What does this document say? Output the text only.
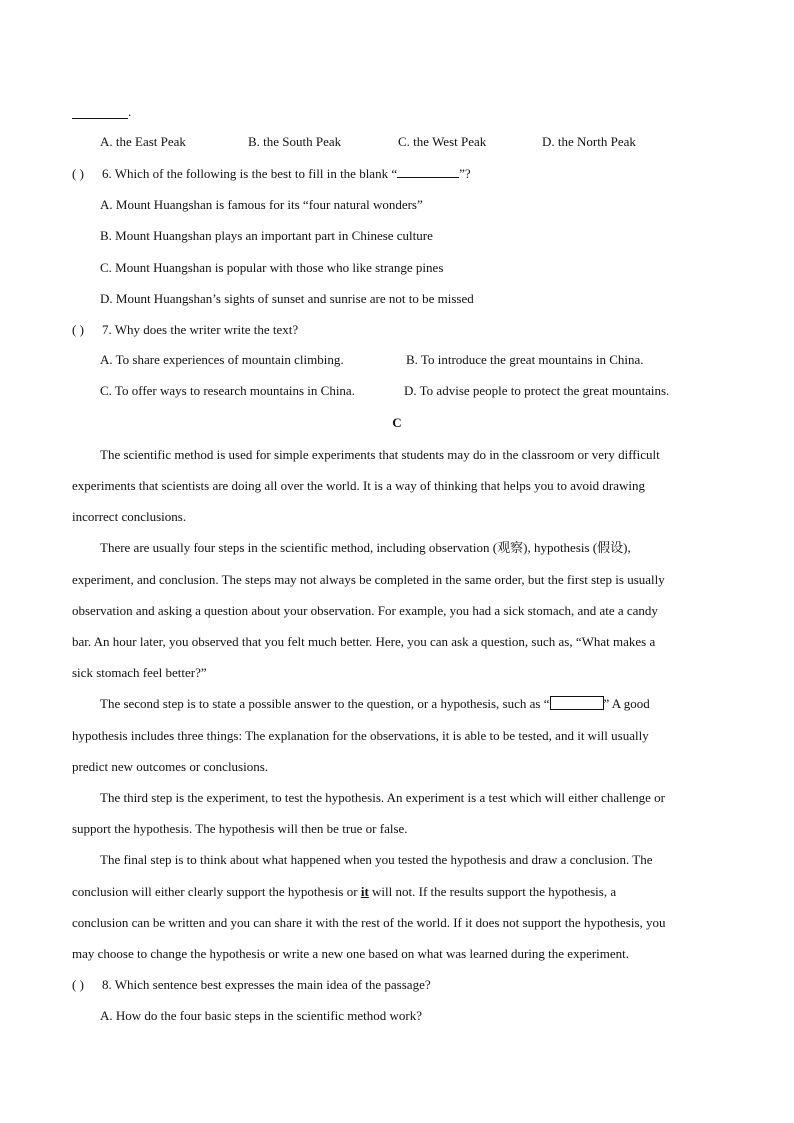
.
A. the East Peak	B. the South Peak	C. the West Peak	D. the North Peak
( ) 6. Which of the following is the best to fill in the blank “	”?
A. Mount Huangshan is famous for its “four natural wonders”
B. Mount Huangshan plays an important part in Chinese culture
C. Mount Huangshan is popular with those who like strange pines
D. Mount Huangshan’s sights of sunset and sunrise are not to be missed
( ) 7. Why does the writer write the text?
A. To share experiences of mountain climbing.	B. To introduce the great mountains in China.
C. To offer ways to research mountains in China.	D. To advise people to protect the great mountains.
C
The scientific method is used for simple experiments that students may do in the classroom or very difficult
experiments that scientists are doing all over the world. It is a way of thinking that helps you to avoid drawing
incorrect conclusions.
There are usually four steps in the scientific method, including observation (观察), hypothesis (假设),
experiment, and conclusion. The steps may not always be completed in the same order, but the first step is usually
observation and asking a question about your observation. For example, you had a sick stomach, and ate a candy
bar. An hour later, you observed that you felt much better. Here, you can ask a question, such as, “What makes a
sick stomach feel better?”
The second step is to state a possible answer to the question, or a hypothesis, such as “	” A good
hypothesis includes three things: The explanation for the observations, it is able to be tested, and it will usually
predict new outcomes or conclusions.
The third step is the experiment, to test the hypothesis. An experiment is a test which will either challenge or
support the hypothesis. The hypothesis will then be true or false.
The final step is to think about what happened when you tested the hypothesis and draw a conclusion. The
conclusion will either clearly support the hypothesis or it will not. If the results support the hypothesis, a
conclusion can be written and you can share it with the rest of the world. If it does not support the hypothesis, you
may choose to change the hypothesis or write a new one based on what was learned during the experiment.
( ) 8. Which sentence best expresses the main idea of the passage?
A. How do the four basic steps in the scientific method work?
